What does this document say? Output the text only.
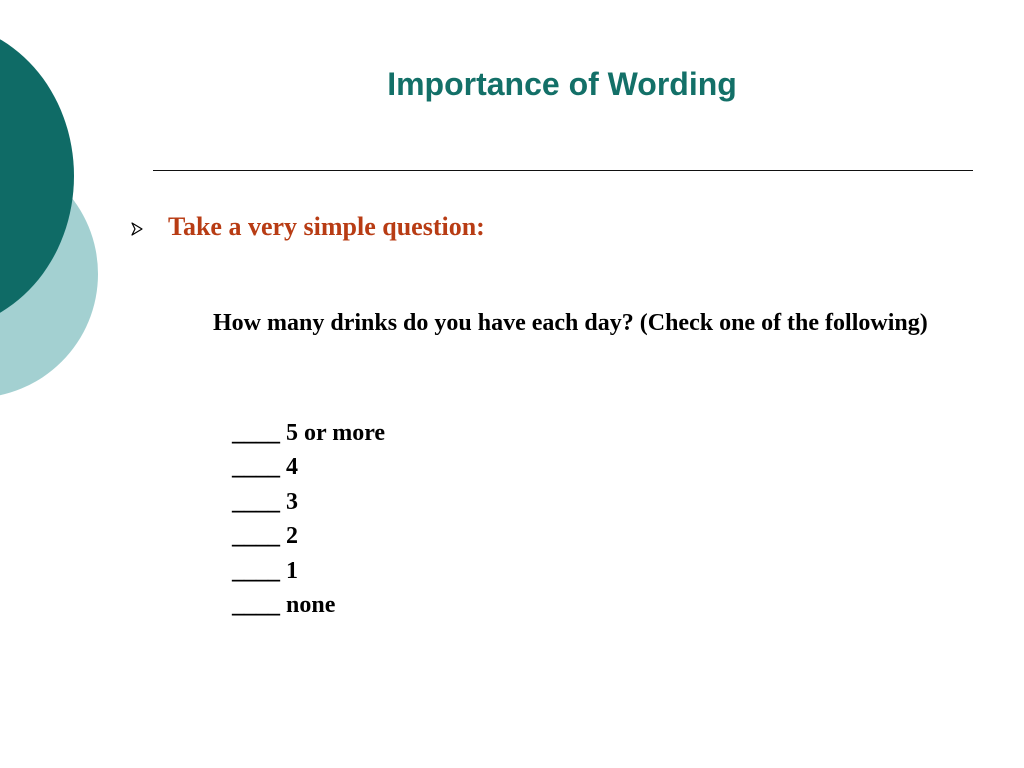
Importance of Wording
Take a very simple question:

How many drinks do you have each day? (Check one of the following)

____ 5 or more
____ 4
____ 3
____ 2
____ 1
____ none
